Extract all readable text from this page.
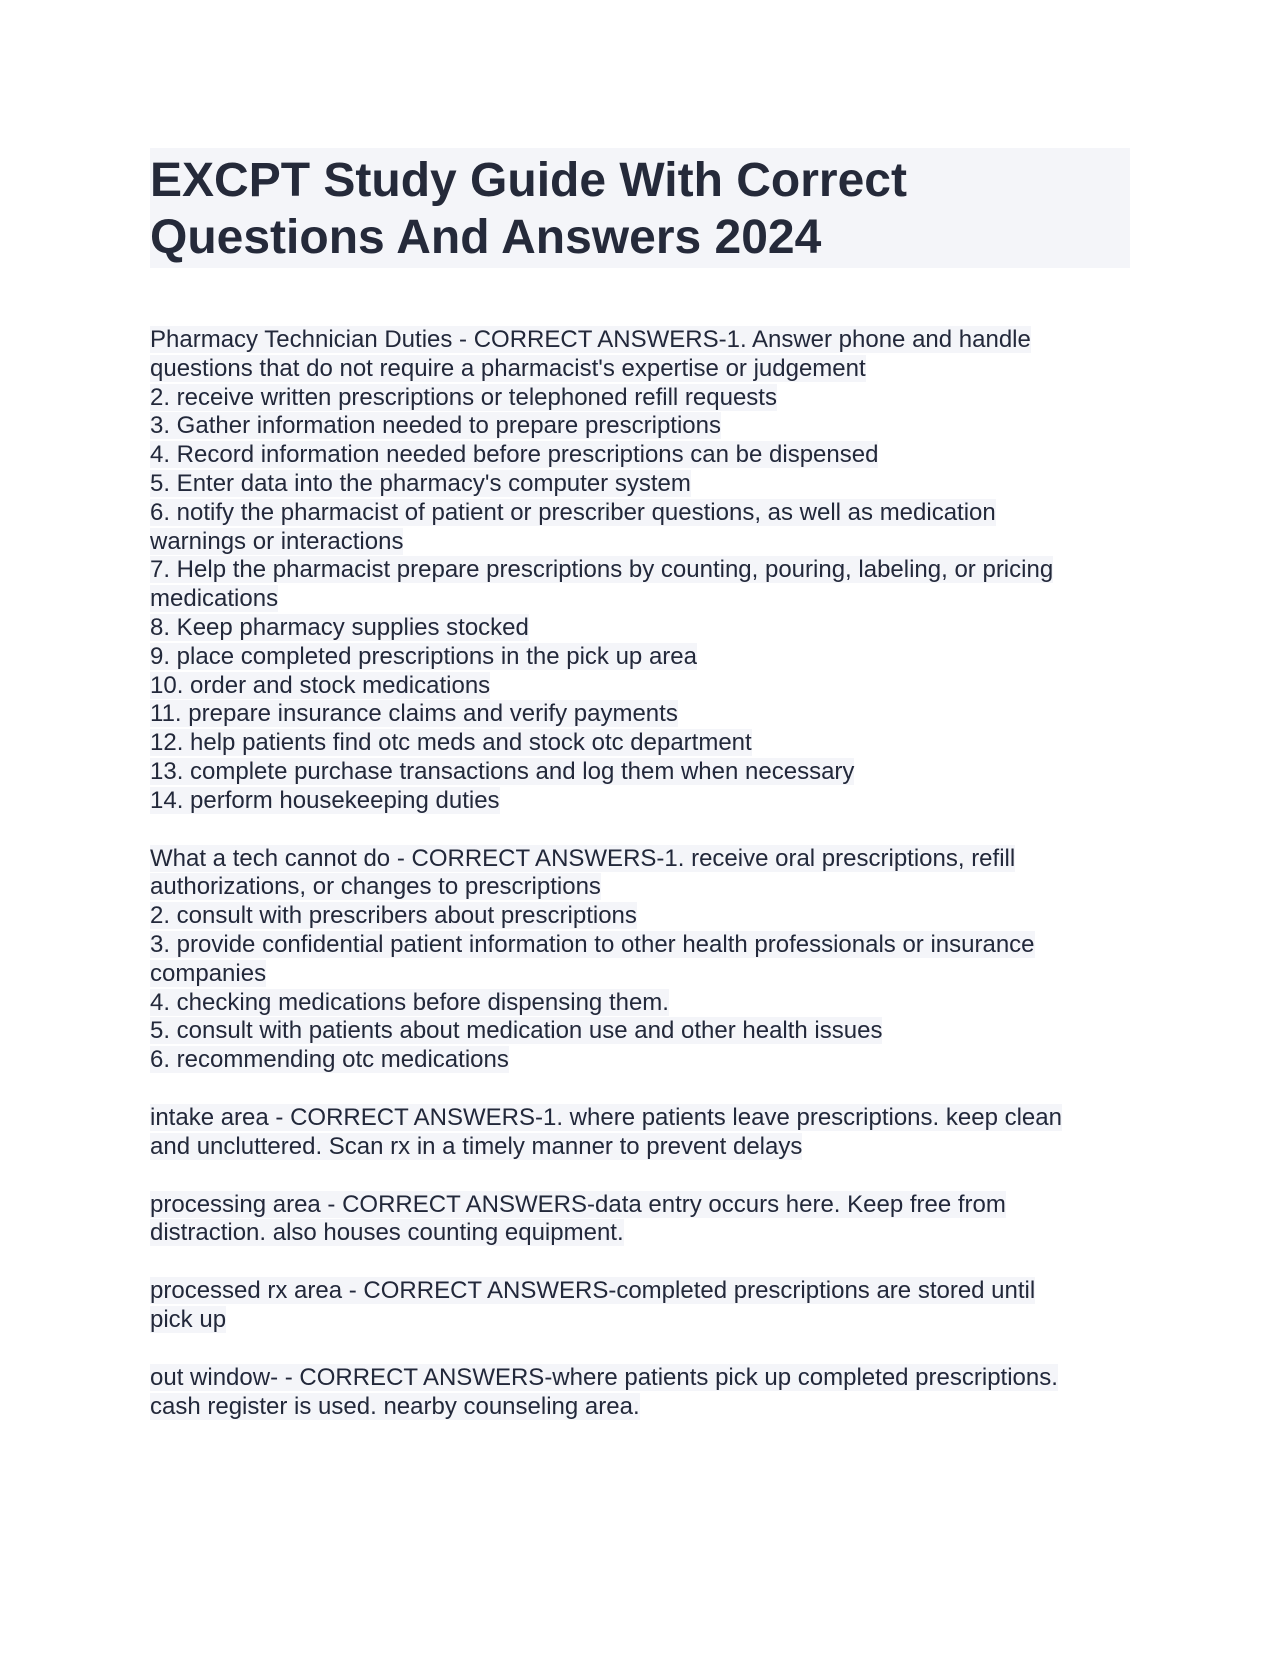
EXCPT Study Guide With Correct
Questions And Answers 2024
Pharmacy Technician Duties - CORRECT ANSWERS-1. Answer phone and handle
questions that do not require a pharmacist's expertise or judgement
2. receive written prescriptions or telephoned refill requests
3. Gather information needed to prepare prescriptions
4. Record information needed before prescriptions can be dispensed
5. Enter data into the pharmacy's computer system
6. notify the pharmacist of patient or prescriber questions, as well as medication
warnings or interactions
7. Help the pharmacist prepare prescriptions by counting, pouring, labeling, or pricing
medications
8. Keep pharmacy supplies stocked
9. place completed prescriptions in the pick up area
10. order and stock medications
11. prepare insurance claims and verify payments
12. help patients find otc meds and stock otc department
13. complete purchase transactions and log them when necessary
14. perform housekeeping duties
What a tech cannot do - CORRECT ANSWERS-1. receive oral prescriptions, refill
authorizations, or changes to prescriptions
2. consult with prescribers about prescriptions
3. provide confidential patient information to other health professionals or insurance
companies
4. checking medications before dispensing them.
5. consult with patients about medication use and other health issues
6. recommending otc medications
intake area - CORRECT ANSWERS-1. where patients leave prescriptions. keep clean
and uncluttered. Scan rx in a timely manner to prevent delays
processing area - CORRECT ANSWERS-data entry occurs here. Keep free from
distraction. also houses counting equipment.
processed rx area - CORRECT ANSWERS-completed prescriptions are stored until
pick up
out window- - CORRECT ANSWERS-where patients pick up completed prescriptions.
cash register is used. nearby counseling area.
